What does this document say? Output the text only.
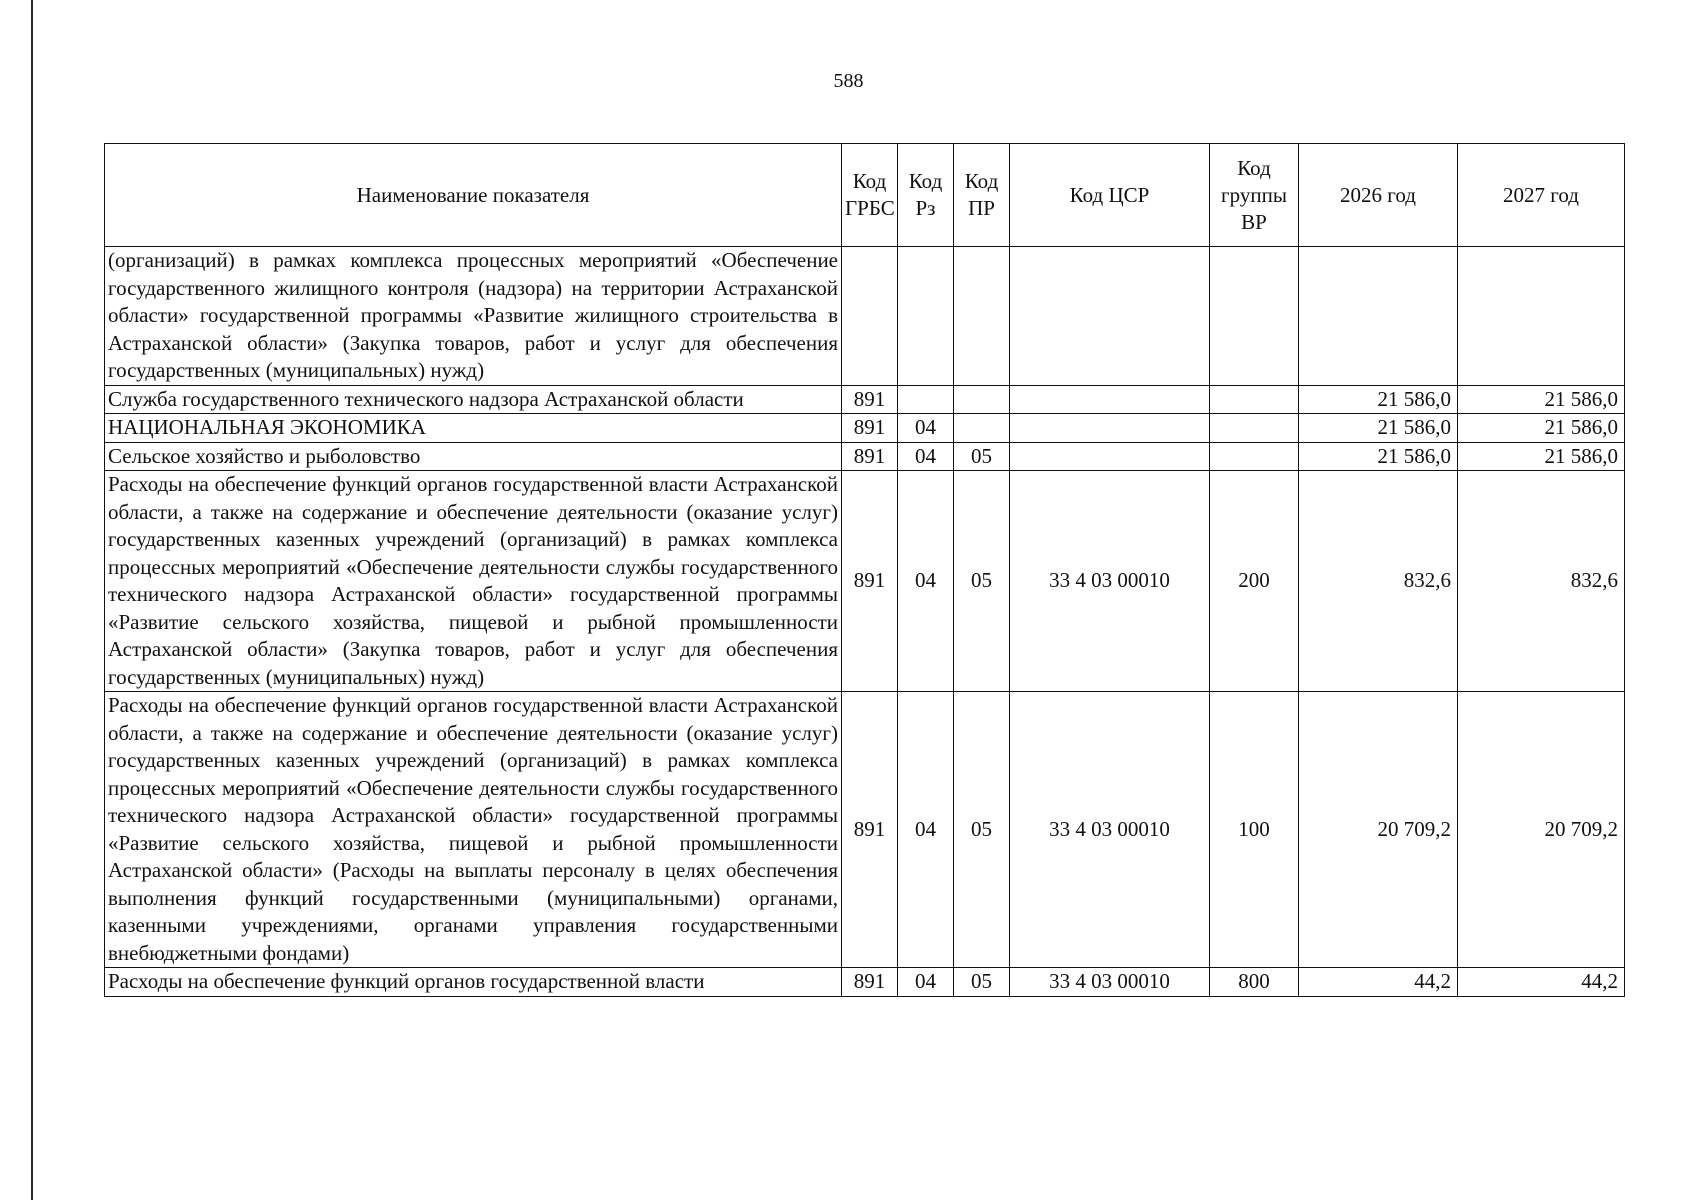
588
Наименование показателя	Код ГРБС	Код Рз	Код ПР	Код ЦСР	Код группы ВР	2026 год	2027 год
(организаций) в рамках комплекса процессных мероприятий «Обеспечение государственного жилищного контроля (надзора) на территории Астраханской области» государственной программы «Развитие жилищного строительства в Астраханской области» (Закупка товаров, работ и услуг для обеспечения государственных (муниципальных) нужд)							
Служба государственного технического надзора Астраханской области	891					21 586,0	21 586,0
НАЦИОНАЛЬНАЯ ЭКОНОМИКА	891	04				21 586,0	21 586,0
Сельское хозяйство и рыболовство	891	04	05			21 586,0	21 586,0
Расходы на обеспечение функций органов государственной власти Астраханской области, а также на содержание и обеспечение деятельности (оказание услуг) государственных казенных учреждений (организаций) в рамках комплекса процессных мероприятий «Обеспечение деятельности службы государственного технического надзора Астраханской области» государственной программы «Развитие сельского хозяйства, пищевой и рыбной промышленности Астраханской области» (Закупка товаров, работ и услуг для обеспечения государственных (муниципальных) нужд)	891	04	05	33 4 03 00010	200	832,6	832,6
Расходы на обеспечение функций органов государственной власти Астраханской области, а также на содержание и обеспечение деятельности (оказание услуг) государственных казенных учреждений (организаций) в рамках комплекса процессных мероприятий «Обеспечение деятельности службы государственного технического надзора Астраханской области» государственной программы «Развитие сельского хозяйства, пищевой и рыбной промышленности Астраханской области» (Расходы на выплаты персоналу в целях обеспечения выполнения функций государственными (муниципальными) органами, казенными учреждениями, органами управления государственными внебюджетными фондами)	891	04	05	33 4 03 00010	100	20 709,2	20 709,2
Расходы на обеспечение функций органов государственной власти	891	04	05	33 4 03 00010	800	44,2	44,2
